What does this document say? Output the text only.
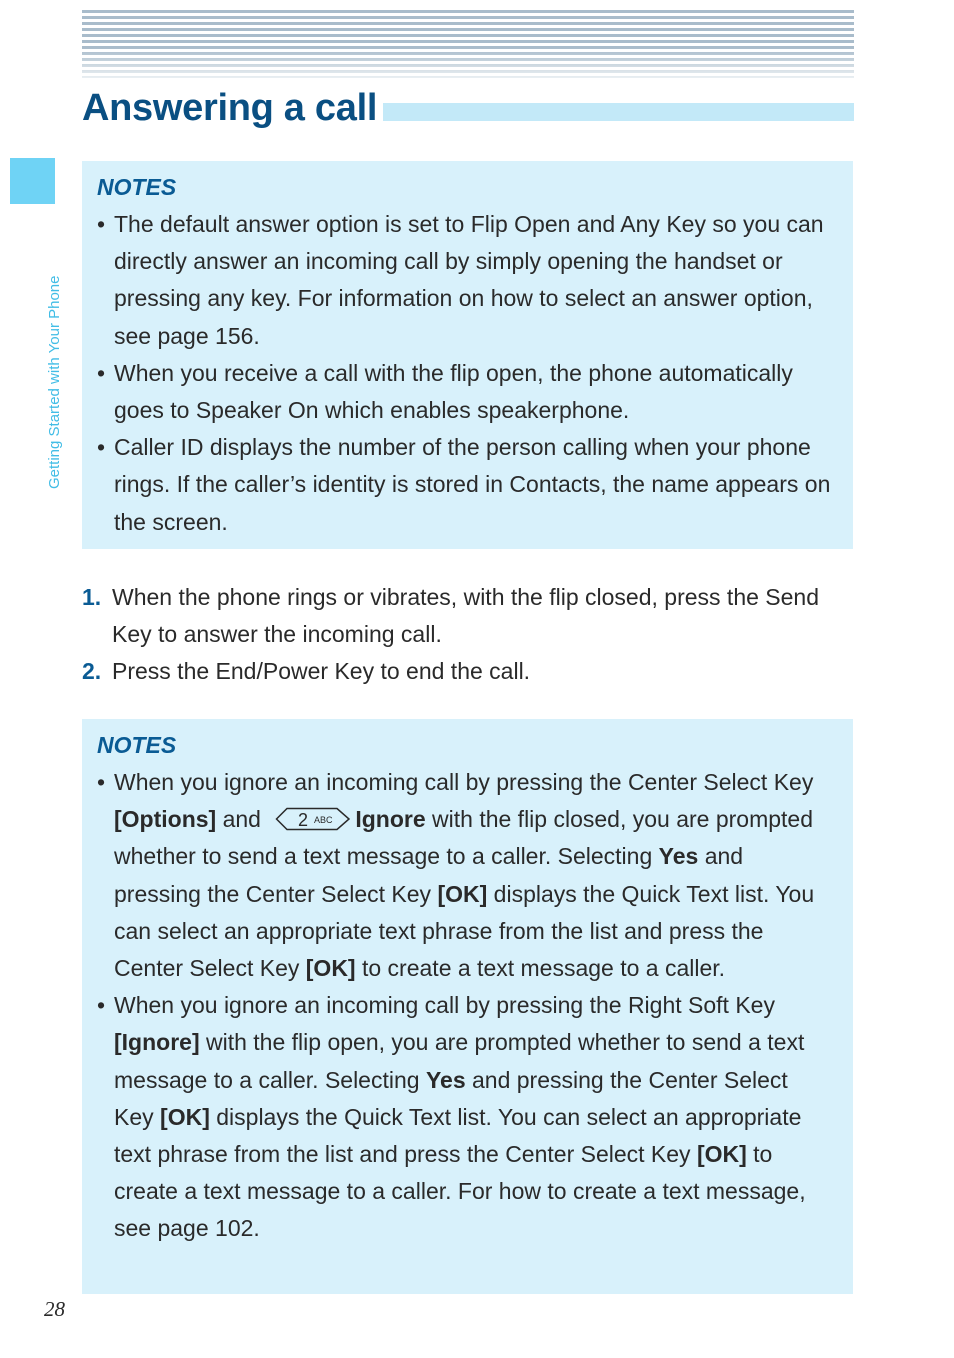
Answering a call
Getting Started with Your Phone
NOTES
• The default answer option is set to Flip Open and Any Key so you can directly answer an incoming call by simply opening the handset or pressing any key. For information on how to select an answer option, see page 156.
• When you receive a call with the flip open, the phone automatically goes to Speaker On which enables speakerphone.
• Caller ID displays the number of the person calling when your phone rings. If the caller’s identity is stored in Contacts, the name appears on the screen.
1. When the phone rings or vibrates, with the flip closed, press the Send Key to answer the incoming call.
2. Press the End/Power Key to end the call.
NOTES
• When you ignore an incoming call by pressing the Center Select Key [Options] and 2 ABC Ignore with the flip closed, you are prompted whether to send a text message to a caller. Selecting Yes and pressing the Center Select Key [OK] displays the Quick Text list. You can select an appropriate text phrase from the list and press the Center Select Key [OK] to create a text message to a caller.
• When you ignore an incoming call by pressing the Right Soft Key [Ignore] with the flip open, you are prompted whether to send a text message to a caller. Selecting Yes and pressing the Center Select Key [OK] displays the Quick Text list. You can select an appropriate text phrase from the list and press the Center Select Key [OK] to create a text message to a caller. For how to create a text message, see page 102.
28
